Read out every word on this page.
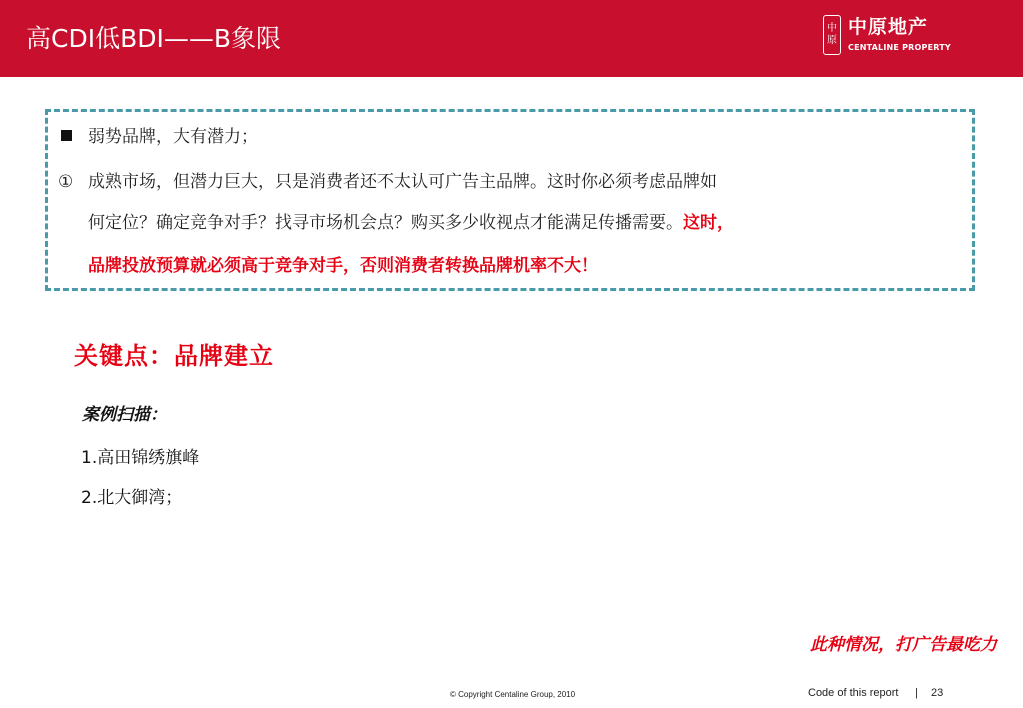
高CDI低BDI——B象限	中原
中原地产
CENTALINE PROPERTY
弱势品牌，大有潜力；
① 成熟市场，但潜力巨大，只是消费者还不太认可广告主品牌。这时你必须考虑品牌如
何定位？确定竞争对手？找寻市场机会点？购买多少收视点才能满足传播需要。这时，
品牌投放预算就必须高于竞争对手，否则消费者转换品牌机率不大！
关键点：品牌建立
案例扫描：
1.高田锦绣旗峰
2.北大御湾；
此种情况，打广告最吃力
© Copyright Centaline Group, 2010	Code of this report | 23
